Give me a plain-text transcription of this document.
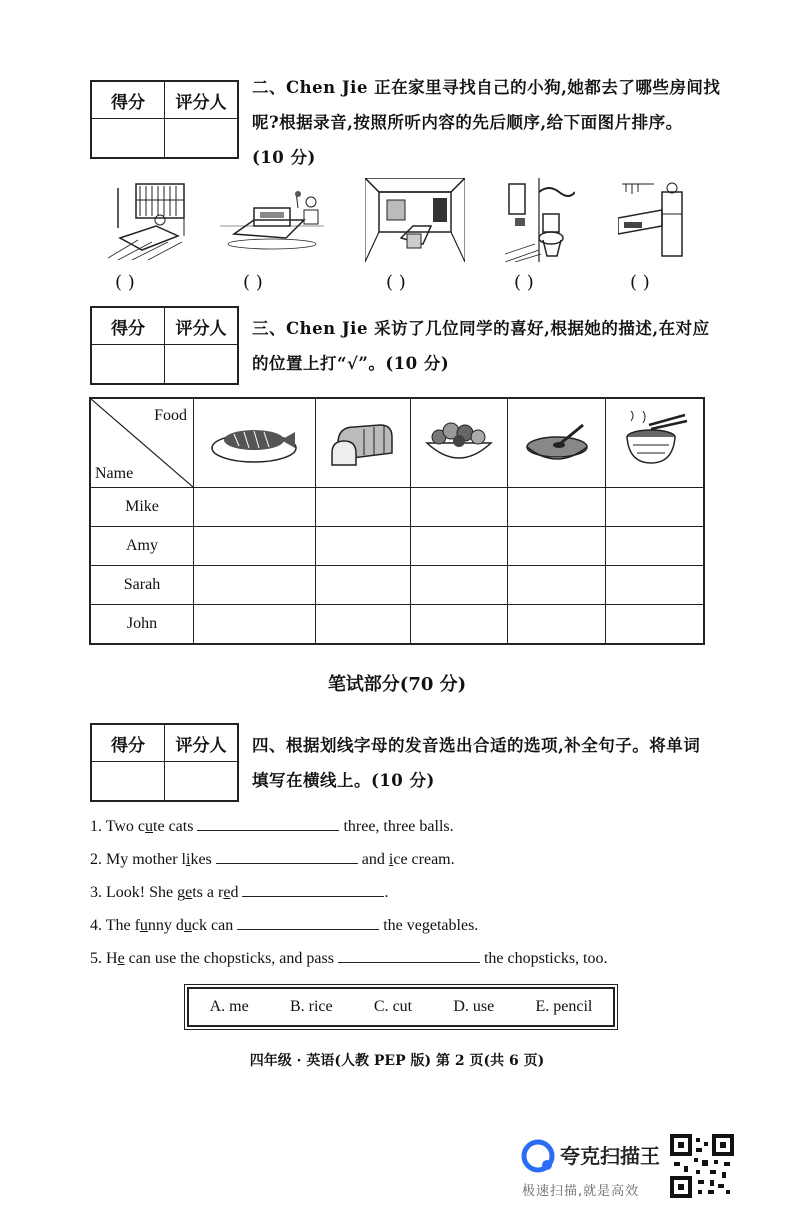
得分	评分人

二、Chen Jie 正在家里寻找自己的小狗,她都去了哪些房间找
呢?根据录音,按照所听内容的先后顺序,给下面图片排序。
(10 分)
( )	( )	( )	( )	( )
得分	评分人
	三、Chen Jie 采访了几位同学的喜好,根据她的描述,在对应
的位置上打“√”。(10 分)
Food
Name

Mike					
Amy					
Sarah					
John					
笔试部分(70 分)
得分	评分人
	四、根据划线字母的发音选出合适的选项,补全句子。将单词
填写在横线上。(10 分)
1. Two cute cats	three, three balls.
2. My mother likes	and ice cream.
3. Look! She gets a red	.
4. The funny duck can	the vegetables.
5. He can use the chopsticks, and pass	the chopsticks, too.
A. me	B. rice	C. cut	D. use	E. pencil
四年级 · 英语(人教 PEP 版) 第 2 页(共 6 页)
夸克扫描王
极速扫描,就是高效
